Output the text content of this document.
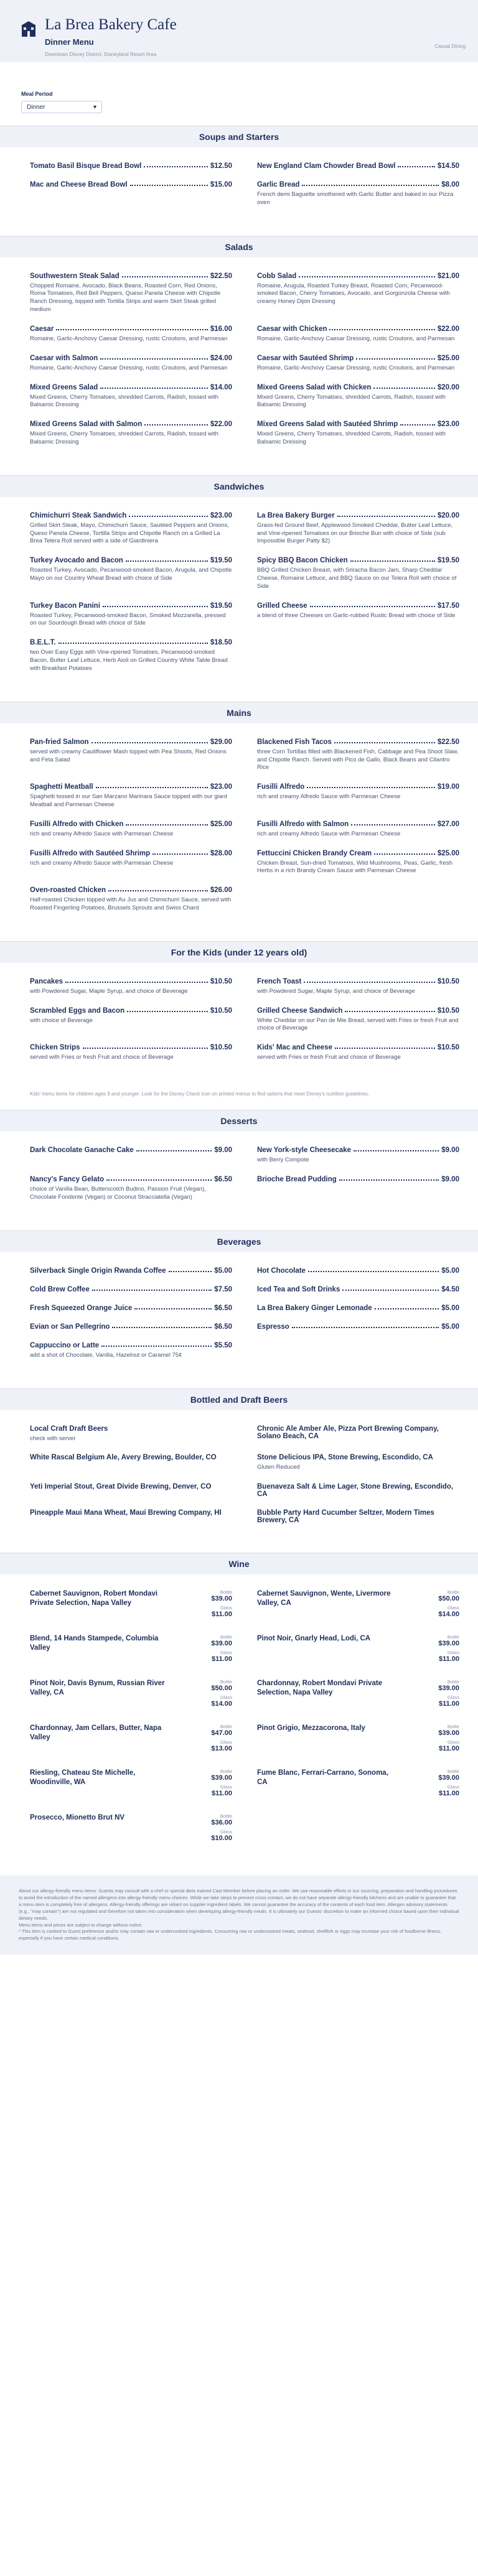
La Brea Bakery Cafe
Dinner Menu
Downtown Disney District, Disneyland Resort Area
Casual Dining
Meal Period
Dinner	▾
Soups and Starters
Tomato Basil Bisque Bread Bowl	$12.50	New England Clam Chowder Bread Bowl	$14.50
Mac and Cheese Bread Bowl	$15.00	Garlic Bread	$8.00
French demi Baguette smothered with Garlic Butter and baked in our Pizza oven
Salads
Southwestern Steak Salad	$22.50
Chopped Romaine, Avocado, Black Beans, Roasted Corn, Red Onions, Roma Tomatoes, Red Bell Peppers, Queso Panela Cheese with Chipotle Ranch Dressing, topped with Tortilla Strips and warm Skirt Steak grilled medium
Cobb Salad	$21.00
Romaine, Arugula, Roasted Turkey Breast, Roasted Corn, Pecanwood-smoked Bacon, Cherry Tomatoes, Avocado, and Gorgonzola Cheese with creamy Honey Dijon Dressing
Caesar	$16.00
Romaine, Garlic-Anchovy Caesar Dressing, rustic Croutons, and Parmesan
Caesar with Chicken	$22.00
Romaine, Garlic-Anchovy Caesar Dressing, rustic Croutons, and Parmesan
Caesar with Salmon	$24.00
Romaine, Garlic-Anchovy Caesar Dressing, rustic Croutons, and Parmesan
Caesar with Sautéed Shrimp	$25.00
Romaine, Garlic-Anchovy Caesar Dressing, rustic Croutons, and Parmesan
Mixed Greens Salad	$14.00
Mixed Greens, Cherry Tomatoes, shredded Carrots, Radish, tossed with Balsamic Dressing
Mixed Greens Salad with Chicken	$20.00
Mixed Greens, Cherry Tomatoes, shredded Carrots, Radish, tossed with Balsamic Dressing
Mixed Greens Salad with Salmon	$22.00
Mixed Greens, Cherry Tomatoes, shredded Carrots, Radish, tossed with Balsamic Dressing
Mixed Greens Salad with Sautéed Shrimp	$23.00
Mixed Greens, Cherry Tomatoes, shredded Carrots, Radish, tossed with Balsamic Dressing
Sandwiches
Chimichurri Steak Sandwich	$23.00
Grilled Skirt Steak, Mayo, Chimichurri Sauce, Sautéed Peppers and Onions, Queso Panela Cheese, Tortilla Strips and Chipotle Ranch on a Grilled La Brea Telera Roll served with a side of Giardiniera
La Brea Bakery Burger	$20.00
Grass-fed Ground Beef, Applewood Smoked Cheddar, Butter Leaf Lettuce, and Vine-ripened Tomatoes on our Brioche Bun with choice of Side (sub Impossible Burger Patty $2)
Turkey Avocado and Bacon	$19.50
Roasted Turkey, Avocado, Pecanwood-smoked Bacon, Arugula, and Chipotle Mayo on our Country Wheat Bread with choice of Side
Spicy BBQ Bacon Chicken	$19.50
BBQ Grilled Chicken Breast, with Sriracha Bacon Jam, Sharp Cheddar Cheese, Romaine Lettuce, and BBQ Sauce on our Telera Roll with choice of Side
Turkey Bacon Panini	$19.50
Roasted Turkey, Pecanwood-smoked Bacon, Smoked Mozzarella, pressed on our Sourdough Bread with choice of Side
Grilled Cheese	$17.50
a blend of three Cheeses on Garlic-rubbed Rustic Bread with choice of Side
B.E.L.T.	$18.50
two Over Easy Eggs with Vine-ripened Tomatoes, Pecanwood-smoked Bacon, Butter Leaf Lettuce, Herb Aioli on Grilled Country White Table Bread with Breakfast Potatoes
Mains
Pan-fried Salmon	$29.00
served with creamy Cauliflower Mash topped with Pea Shoots, Red Onions and Feta Salad
Blackened Fish Tacos	$22.50
three Corn Tortillas filled with Blackened Fish, Cabbage and Pea Shoot Slaw, and Chipotle Ranch. Served with Pico de Gallo, Black Beans and Cilantro Rice
Spaghetti Meatball	$23.00
Spaghetti tossed in our San Marzano Marinara Sauce topped with our giant Meatball and Parmesan Cheese
Fusilli Alfredo	$19.00
rich and creamy Alfredo Sauce with Parmesan Cheese
Fusilli Alfredo with Chicken	$25.00
rich and creamy Alfredo Sauce with Parmesan Cheese
Fusilli Alfredo with Salmon	$27.00
rich and creamy Alfredo Sauce with Parmesan Cheese
Fusilli Alfredo with Sautéed Shrimp	$28.00
rich and creamy Alfredo Sauce with Parmesan Cheese
Fettuccini Chicken Brandy Cream	$25.00
Chicken Breast, Sun-dried Tomatoes, Wild Mushrooms, Peas, Garlic, fresh Herbs in a rich Brandy Cream Sauce with Parmesan Cheese
Oven-roasted Chicken	$26.00
Half-roasted Chicken topped with Au Jus and Chimichurri Sauce, served with Roasted Fingerling Potatoes, Brussels Sprouts and Swiss Chard
For the Kids (under 12 years old)
Pancakes	$10.50
with Powdered Sugar, Maple Syrup, and choice of Beverage
French Toast	$10.50
with Powdered Sugar, Maple Syrup, and choice of Beverage
Scrambled Eggs and Bacon	$10.50
with choice of Beverage
Grilled Cheese Sandwich	$10.50
White Cheddar on our Pan de Mie Bread, served with Fries or fresh Fruit and choice of Beverage
Chicken Strips	$10.50
served with Fries or fresh Fruit and choice of Beverage
Kids' Mac and Cheese	$10.50
served with Fries or fresh Fruit and choice of Beverage
Kids' menu items for children ages 9 and younger. Look for the Disney Check icon on printed menus to find options that meet Disney's nutrition guidelines.
Desserts
Dark Chocolate Ganache Cake	$9.00	New York-style Cheesecake	$9.00
with Berry Compote
Nancy's Fancy Gelato	$6.50
choice of Vanilla Bean, Butterscotch Budino, Passion Fruit (Vegan), Chocolate Fondente (Vegan) or Coconut Stracciatella (Vegan)
Brioche Bread Pudding	$9.00
Beverages
Silverback Single Origin Rwanda Coffee	$5.00	Hot Chocolate	$5.00
Cold Brew Coffee	$7.50	Iced Tea and Soft Drinks	$4.50
Fresh Squeezed Orange Juice	$6.50	La Brea Bakery Ginger Lemonade	$5.00
Evian or San Pellegrino	$6.50	Espresso	$5.00
Cappuccino or Latte	$5.50
add a shot of Chocolate, Vanilla, Hazelnut or Caramel 75¢
Bottled and Draft Beers
Local Craft Draft Beers
check with server
Chronic Ale Amber Ale, Pizza Port Brewing Company, Solano Beach, CA
White Rascal Belgium Ale, Avery Brewing, Boulder, CO	Stone Delicious IPA, Stone Brewing, Escondido, CA
Gluten Reduced
Yeti Imperial Stout, Great Divide Brewing, Denver, CO	Buenaveza Salt & Lime Lager, Stone Brewing, Escondido, CA
Pineapple Maui Mana Wheat, Maui Brewing Company, HI	Bubble Party Hard Cucumber Seltzer, Modern Times Brewery, CA
Wine
Cabernet Sauvignon, Robert Mondavi Private Selection, Napa Valley
Bottle
$39.00
Glass
$11.00
Cabernet Sauvignon, Wente, Livermore Valley, CA
Bottle
$50.00
Glass
$14.00
Blend, 14 Hands Stampede, Columbia Valley
Bottle
$39.00
Glass
$11.00
Pinot Noir, Gnarly Head, Lodi, CA	Bottle
$39.00
Glass
$11.00
Pinot Noir, Davis Bynum, Russian River Valley, CA
Bottle
$50.00
Glass
$14.00
Chardonnay, Robert Mondavi Private Selection, Napa Valley
Bottle
$39.00
Glass
$11.00
Chardonnay, Jam Cellars, Butter, Napa Valley
Bottle
$47.00
Glass
$13.00
Pinot Grigio, Mezzacorona, Italy	Bottle
$39.00
Glass
$11.00
Riesling, Chateau Ste Michelle, Woodinville, WA
Bottle
$39.00
Glass
$11.00
Fume Blanc, Ferrari-Carrano, Sonoma, CA
Bottle
$39.00
Glass
$11.00
Prosecco, Mionetto Brut NV	Bottle
$36.00
Glass
$10.00

About our allergy-friendly menu items: Guests may consult with a chef or special diets trained Cast Member before placing an order. We use reasonable efforts in our sourcing, preparation and handling procedures to avoid the introduction of the named allergens into allergy-friendly menu choices. While we take steps to prevent cross-contact, we do not have separate allergy-friendly kitchens and are unable to guarantee that a menu item is completely free of allergens. Allergy-friendly offerings are reliant on supplier ingredient labels. We cannot guarantee the accuracy of the contents of each food item. Allergen advisory statements (e.g., "may contain") are not regulated and therefore not taken into consideration when developing allergy-friendly meals. It is ultimately our Guests' discretion to make an informed choice based upon their individual dietary needs.

Menu items and prices are subject to change without notice.

* This item is cooked to Guest preference and/or may contain raw or undercooked ingredients. Consuming raw or undercooked meats, seafood, shellfish or eggs may increase your risk of foodborne illness, especially if you have certain medical conditions.
